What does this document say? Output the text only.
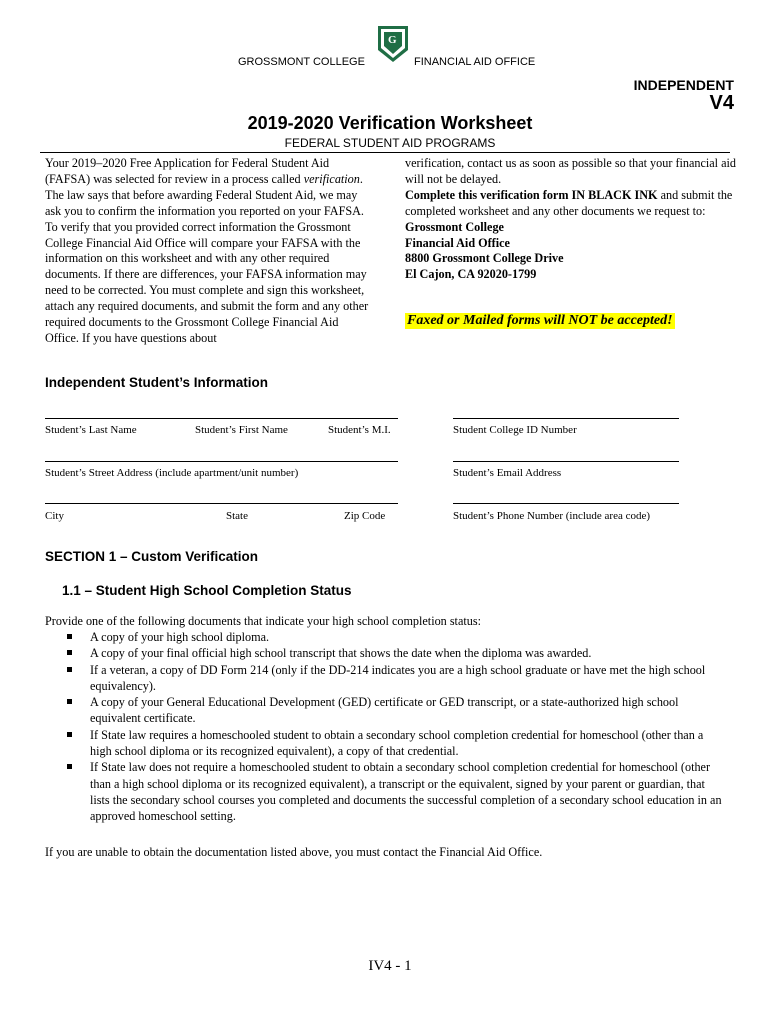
G
GROSSMONT COLLEGE	FINANCIAL AID OFFICE
INDEPENDENT
V4
2019-2020 Verification Worksheet
FEDERAL STUDENT AID PROGRAMS
Your 2019–2020 Free Application for Federal Student Aid (FAFSA) was selected for review in a process called verification. The law says that before awarding Federal Student Aid, we may ask you to confirm the information you reported on your FAFSA. To verify that you provided correct information the Grossmont College Financial Aid Office will compare your FAFSA with the information on this worksheet and with any other required documents. If there are differences, your FAFSA information may need to be corrected. You must complete and sign this worksheet, attach any required documents, and submit the form and any other required documents to the Grossmont College Financial Aid Office. If you have questions about

verification, contact us as soon as possible so that your financial aid will not be delayed.

Complete this verification form IN BLACK INK and submit the completed worksheet and any other documents we request to:

Grossmont College

Financial Aid Office

8800 Grossmont College Drive

El Cajon, CA 92020-1799

Faxed or Mailed forms will NOT be accepted!
Independent Student’s Information
Student’s Last Name	Student’s First Name	Student’s M.I.	Student College ID Number
Student’s Street Address (include apartment/unit number)	Student’s Email Address
City	State	Zip Code	Student’s Phone Number (include area code)
SECTION 1 – Custom Verification
1.1 – Student High School Completion Status
Provide one of the following documents that indicate your high school completion status:
A copy of your high school diploma.
A copy of your final official high school transcript that shows the date when the diploma was awarded.
If a veteran, a copy of DD Form 214 (only if the DD-214 indicates you are a high school graduate or have met the high school equivalency).
A copy of your General Educational Development (GED) certificate or GED transcript, or a state-authorized high school equivalent certificate.
If State law requires a homeschooled student to obtain a secondary school completion credential for homeschool (other than a high school diploma or its recognized equivalent), a copy of that credential.
If State law does not require a homeschooled student to obtain a secondary school completion credential for homeschool (other than a high school diploma or its recognized equivalent), a transcript or the equivalent, signed by your parent or guardian, that lists the secondary school courses you completed and documents the successful completion of a secondary school education in an approved homeschool setting.
If you are unable to obtain the documentation listed above, you must contact the Financial Aid Office.
IV4 - 1
